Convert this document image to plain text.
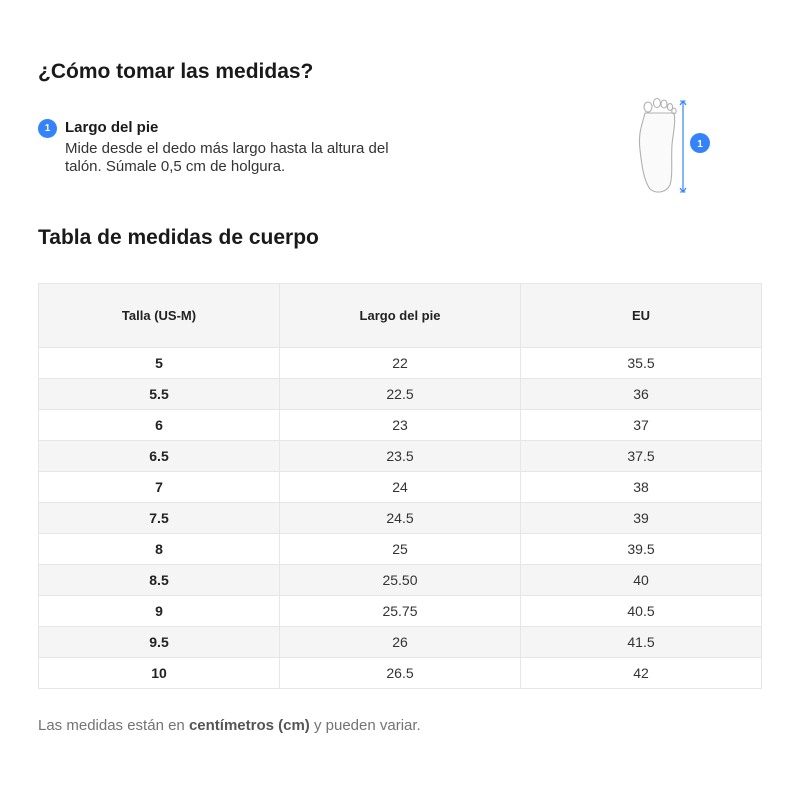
¿Cómo tomar las medidas?
1 Largo del pie
Mide desde el dedo más largo hasta la altura del talón. Súmale 0,5 cm de holgura.
1
Tabla de medidas de cuerpo
Talla (US-M)	Largo del pie	EU
5	22	35.5
5.5	22.5	36
6	23	37
6.5	23.5	37.5
7	24	38
7.5	24.5	39
8	25	39.5
8.5	25.50	40
9	25.75	40.5
9.5	26	41.5
10	26.5	42
Las medidas están en centímetros (cm) y pueden variar.
